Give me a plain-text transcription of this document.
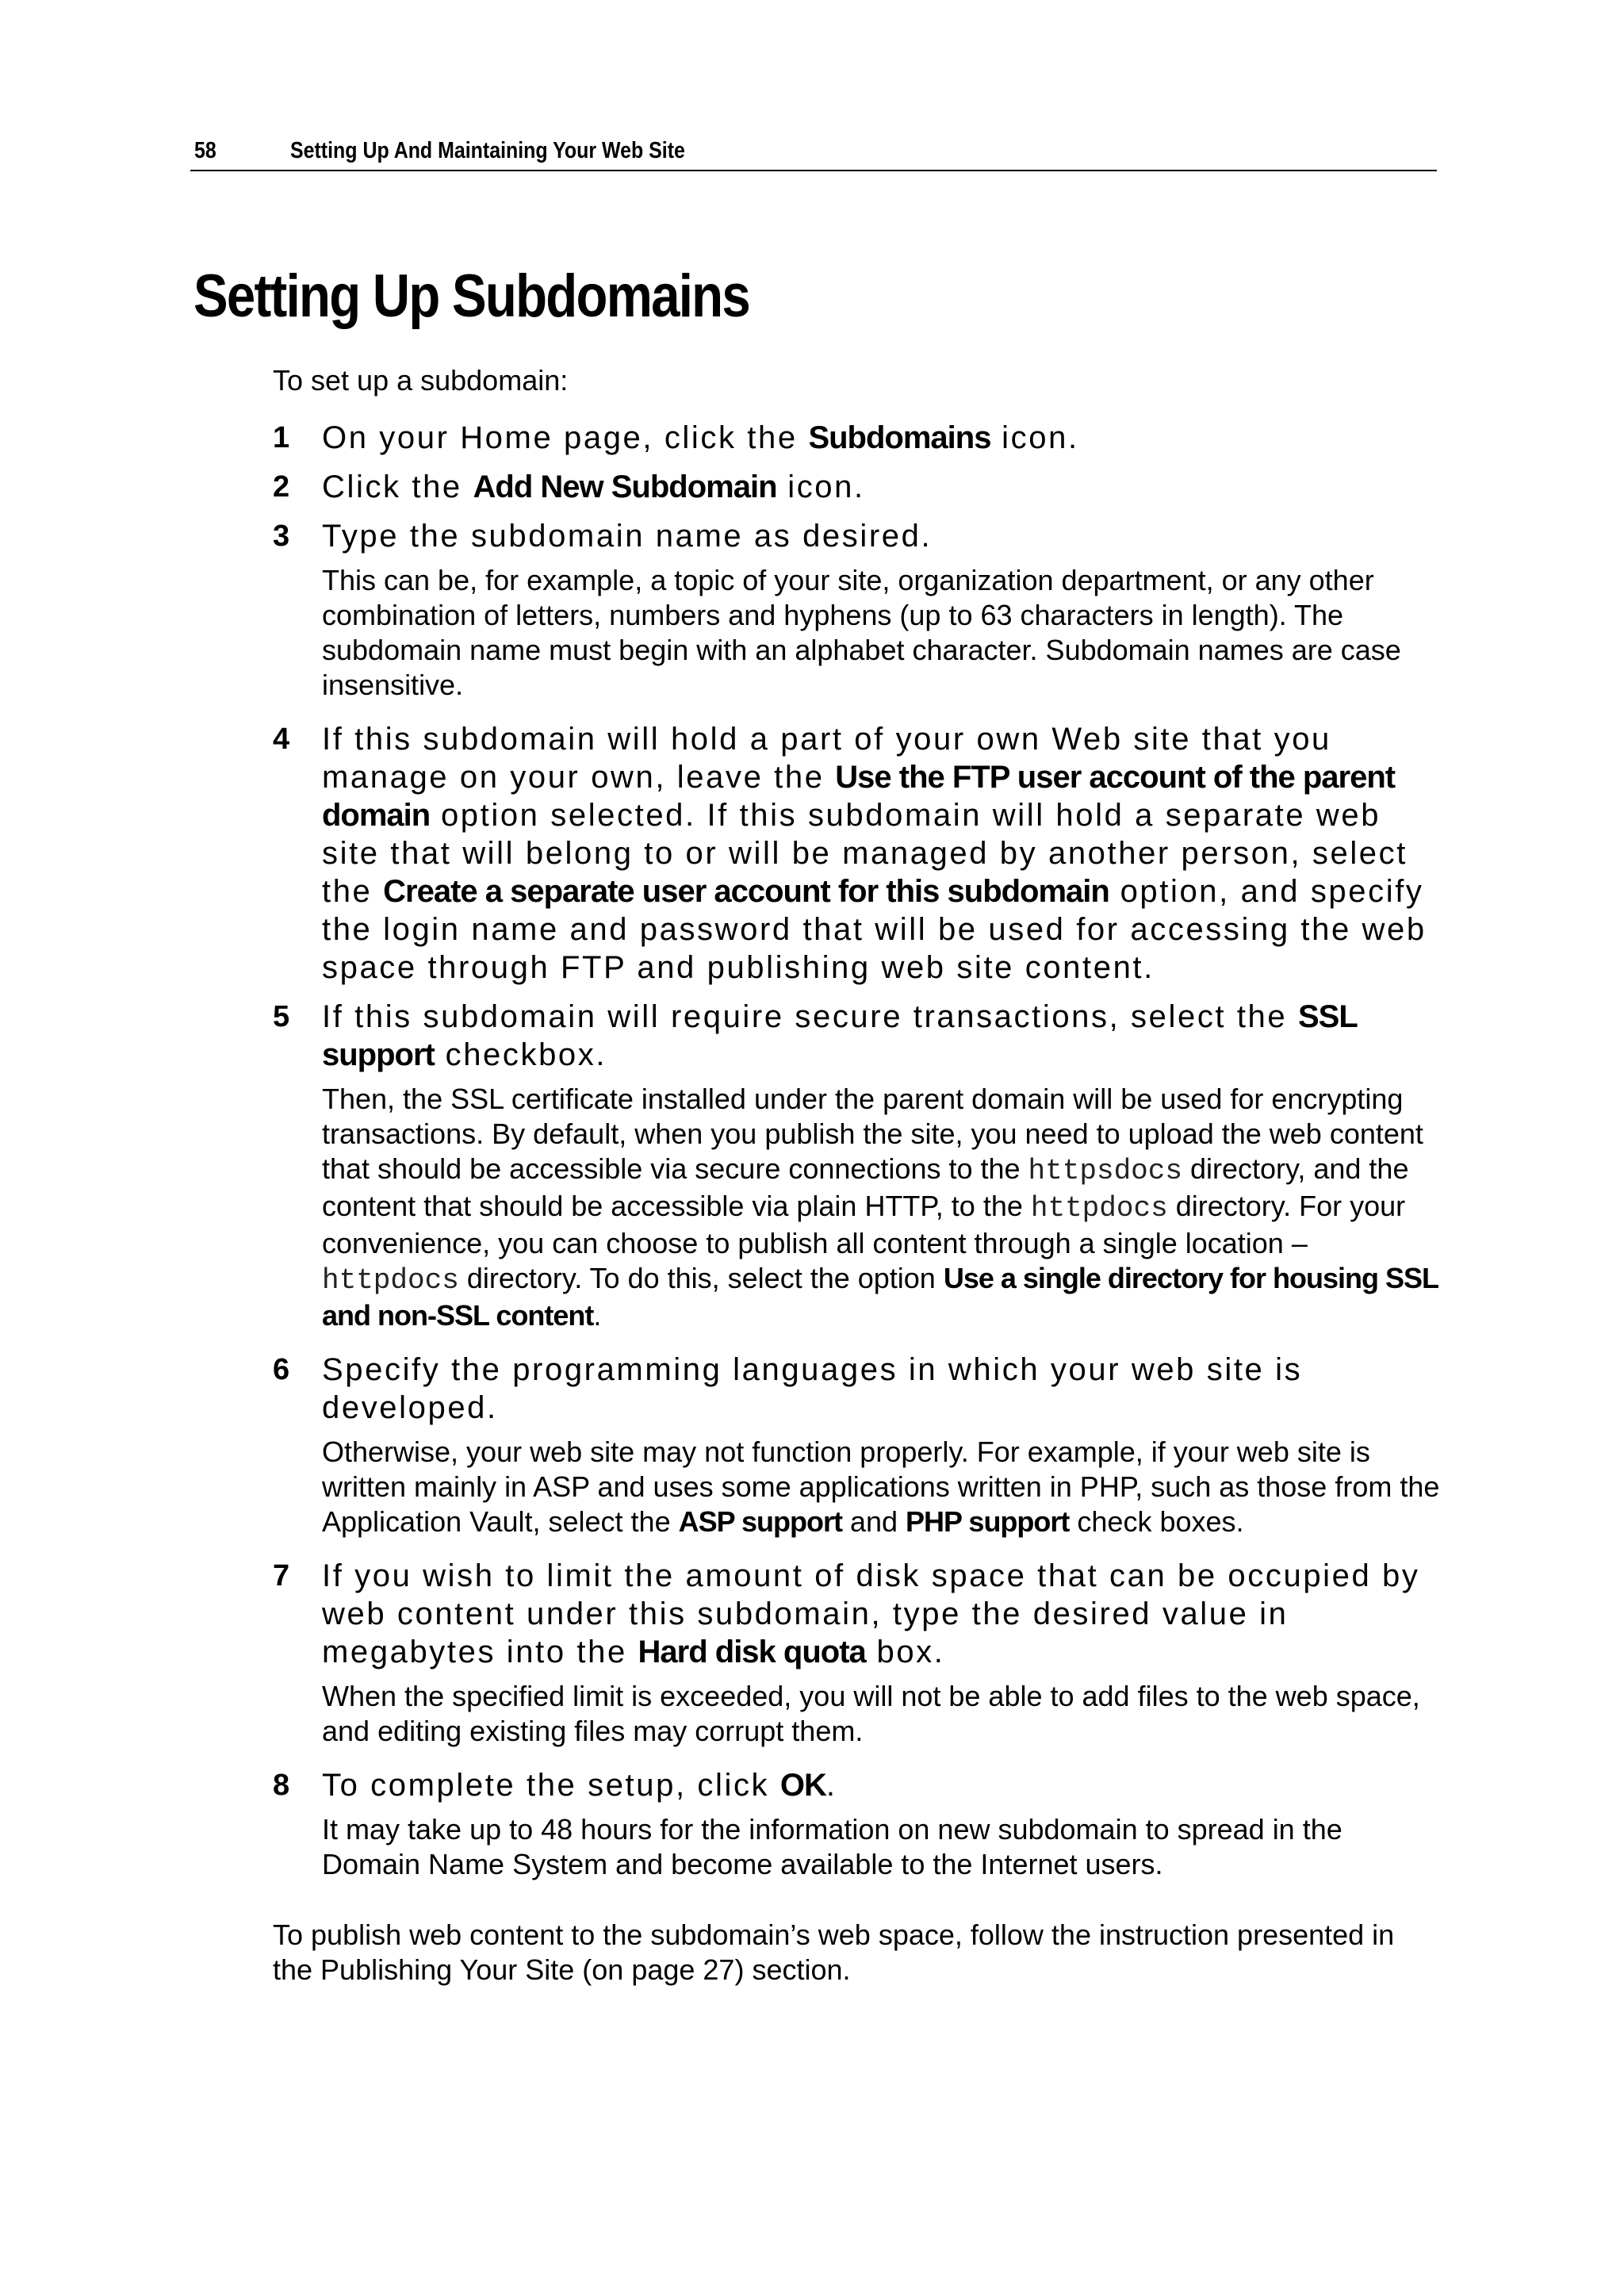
58	Setting Up And Maintaining Your Web Site
Setting Up Subdomains

To set up a subdomain:

1 On your Home page, click the Subdomains icon.

2 Click the Add New Subdomain icon.

3 Type the subdomain name as desired.

This can be, for example, a topic of your site, organization department, or any other combination of letters, numbers and hyphens (up to 63 characters in length). The subdomain name must begin with an alphabet character. Subdomain names are case insensitive.

4 If this subdomain will hold a part of your own Web site that you manage on your own, leave the Use the FTP user account of the parent domain option selected. If this subdomain will hold a separate web site that will belong to or will be managed by another person, select the Create a separate user account for this subdomain option, and specify the login name and password that will be used for accessing the web space through FTP and publishing web site content.

5 If this subdomain will require secure transactions, select the SSL support checkbox.

Then, the SSL certificate installed under the parent domain will be used for encrypting transactions. By default, when you publish the site, you need to upload the web content that should be accessible via secure connections to the httpsdocs directory, and the content that should be accessible via plain HTTP, to the httpdocs directory. For your convenience, you can choose to publish all content through a single location – httpdocs directory. To do this, select the option Use a single directory for housing SSL and non-SSL content.

6 Specify the programming languages in which your web site is developed.

Otherwise, your web site may not function properly. For example, if your web site is written mainly in ASP and uses some applications written in PHP, such as those from the Application Vault, select the ASP support and PHP support check boxes.

7 If you wish to limit the amount of disk space that can be occupied by web content under this subdomain, type the desired value in megabytes into the Hard disk quota box.

When the specified limit is exceeded, you will not be able to add files to the web space, and editing existing files may corrupt them.

8 To complete the setup, click OK.

It may take up to 48 hours for the information on new subdomain to spread in the Domain Name System and become available to the Internet users.

To publish web content to the subdomain’s web space, follow the instruction presented in the Publishing Your Site (on page 27) section.
